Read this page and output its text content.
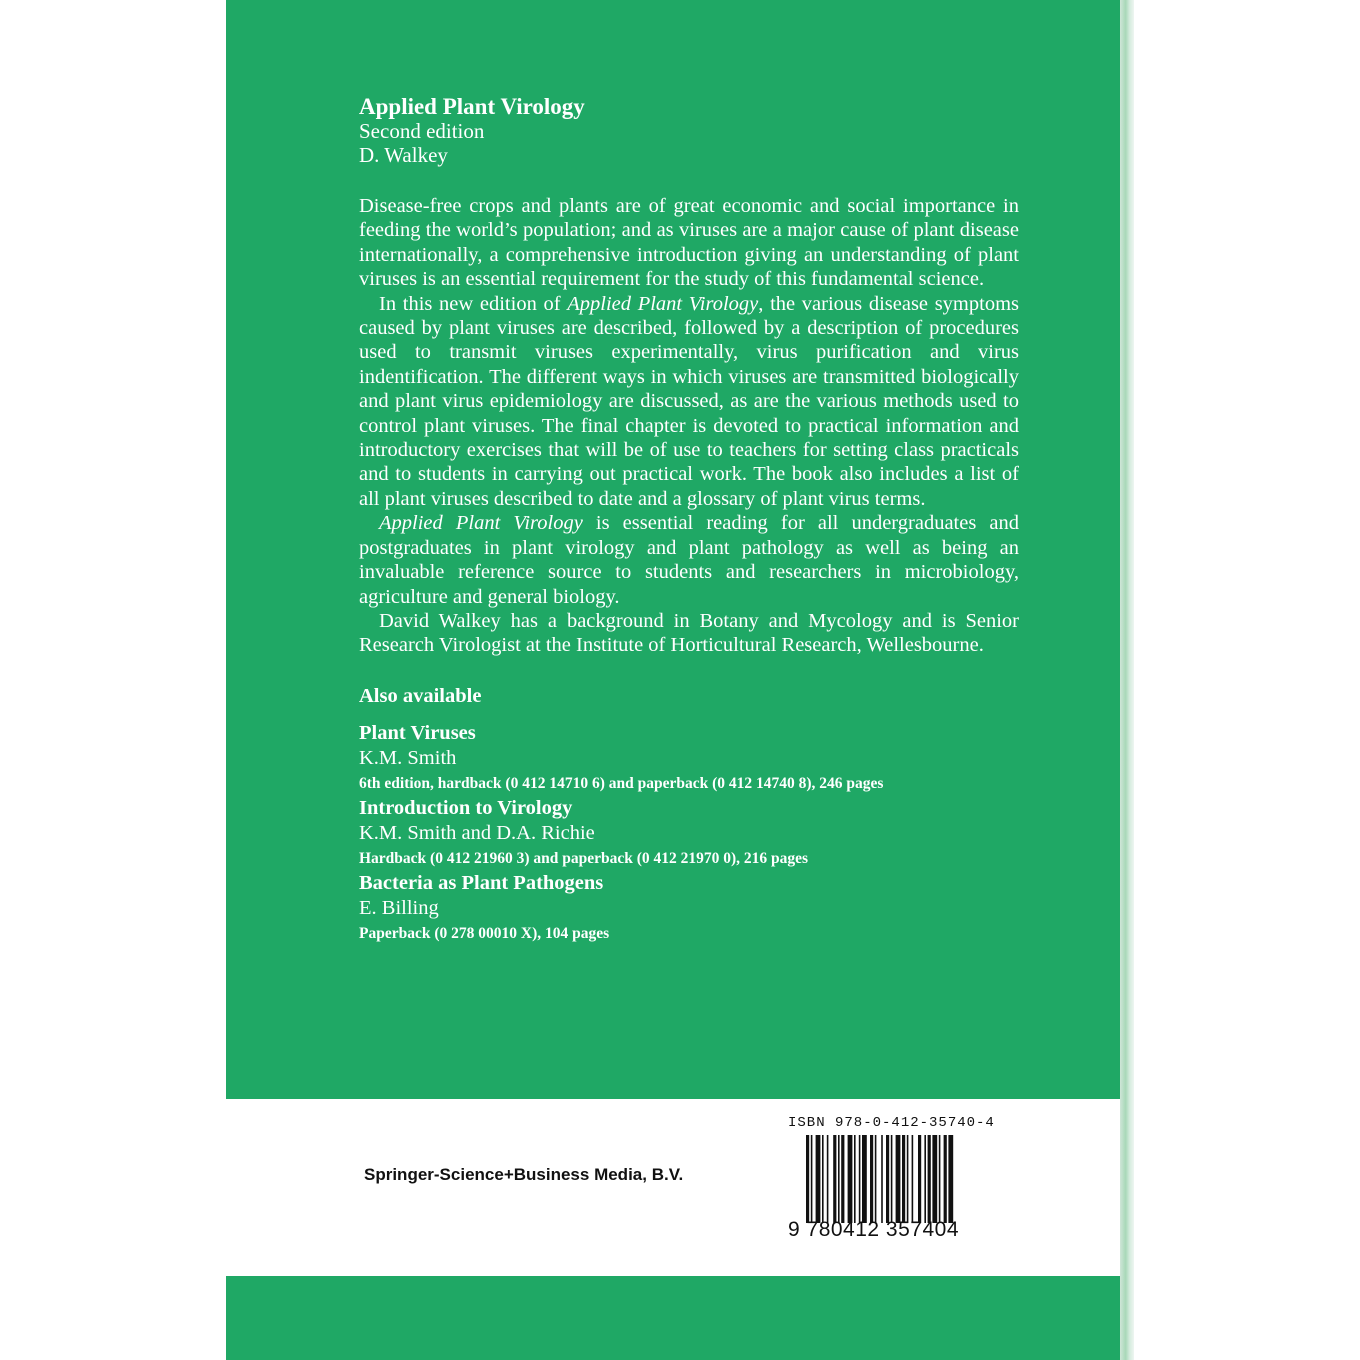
Applied Plant Virology

Second edition

D. Walkey

Disease-free crops and plants are of great economic and social importance in feeding the world’s population; and as viruses are a major cause of plant disease internationally, a comprehensive introduction giving an understanding of plant viruses is an essential requirement for the study of this fundamental science.

In this new edition of Applied Plant Virology, the various disease symptoms caused by plant viruses are described, followed by a description of procedures used to transmit viruses experimentally, virus purification and virus indentification. The different ways in which viruses are transmitted biologically and plant virus epidemiology are discussed, as are the various methods used to control plant viruses. The final chapter is devoted to practical information and introductory exercises that will be of use to teachers for setting class practicals and to students in carrying out practical work. The book also includes a list of all plant viruses described to date and a glossary of plant virus terms.

Applied Plant Virology is essential reading for all undergraduates and postgraduates in plant virology and plant pathology as well as being an invaluable reference source to students and researchers in microbiology, agriculture and general biology.

David Walkey has a background in Botany and Mycology and is Senior Research Virologist at the Institute of Horticultural Research, Wellesbourne.

Also available

Plant Viruses

K.M. Smith

6th edition, hardback (0 412 14710 6) and paperback (0 412 14740 8), 246 pages

Introduction to Virology

K.M. Smith and D.A. Richie

Hardback (0 412 21960 3) and paperback (0 412 21970 0), 216 pages

Bacteria as Plant Pathogens

E. Billing

Paperback (0 278 00010 X), 104 pages

Springer-Science+Business Media, B.V.
ISBN 978-0-412-35740-4
9 780412 357404
